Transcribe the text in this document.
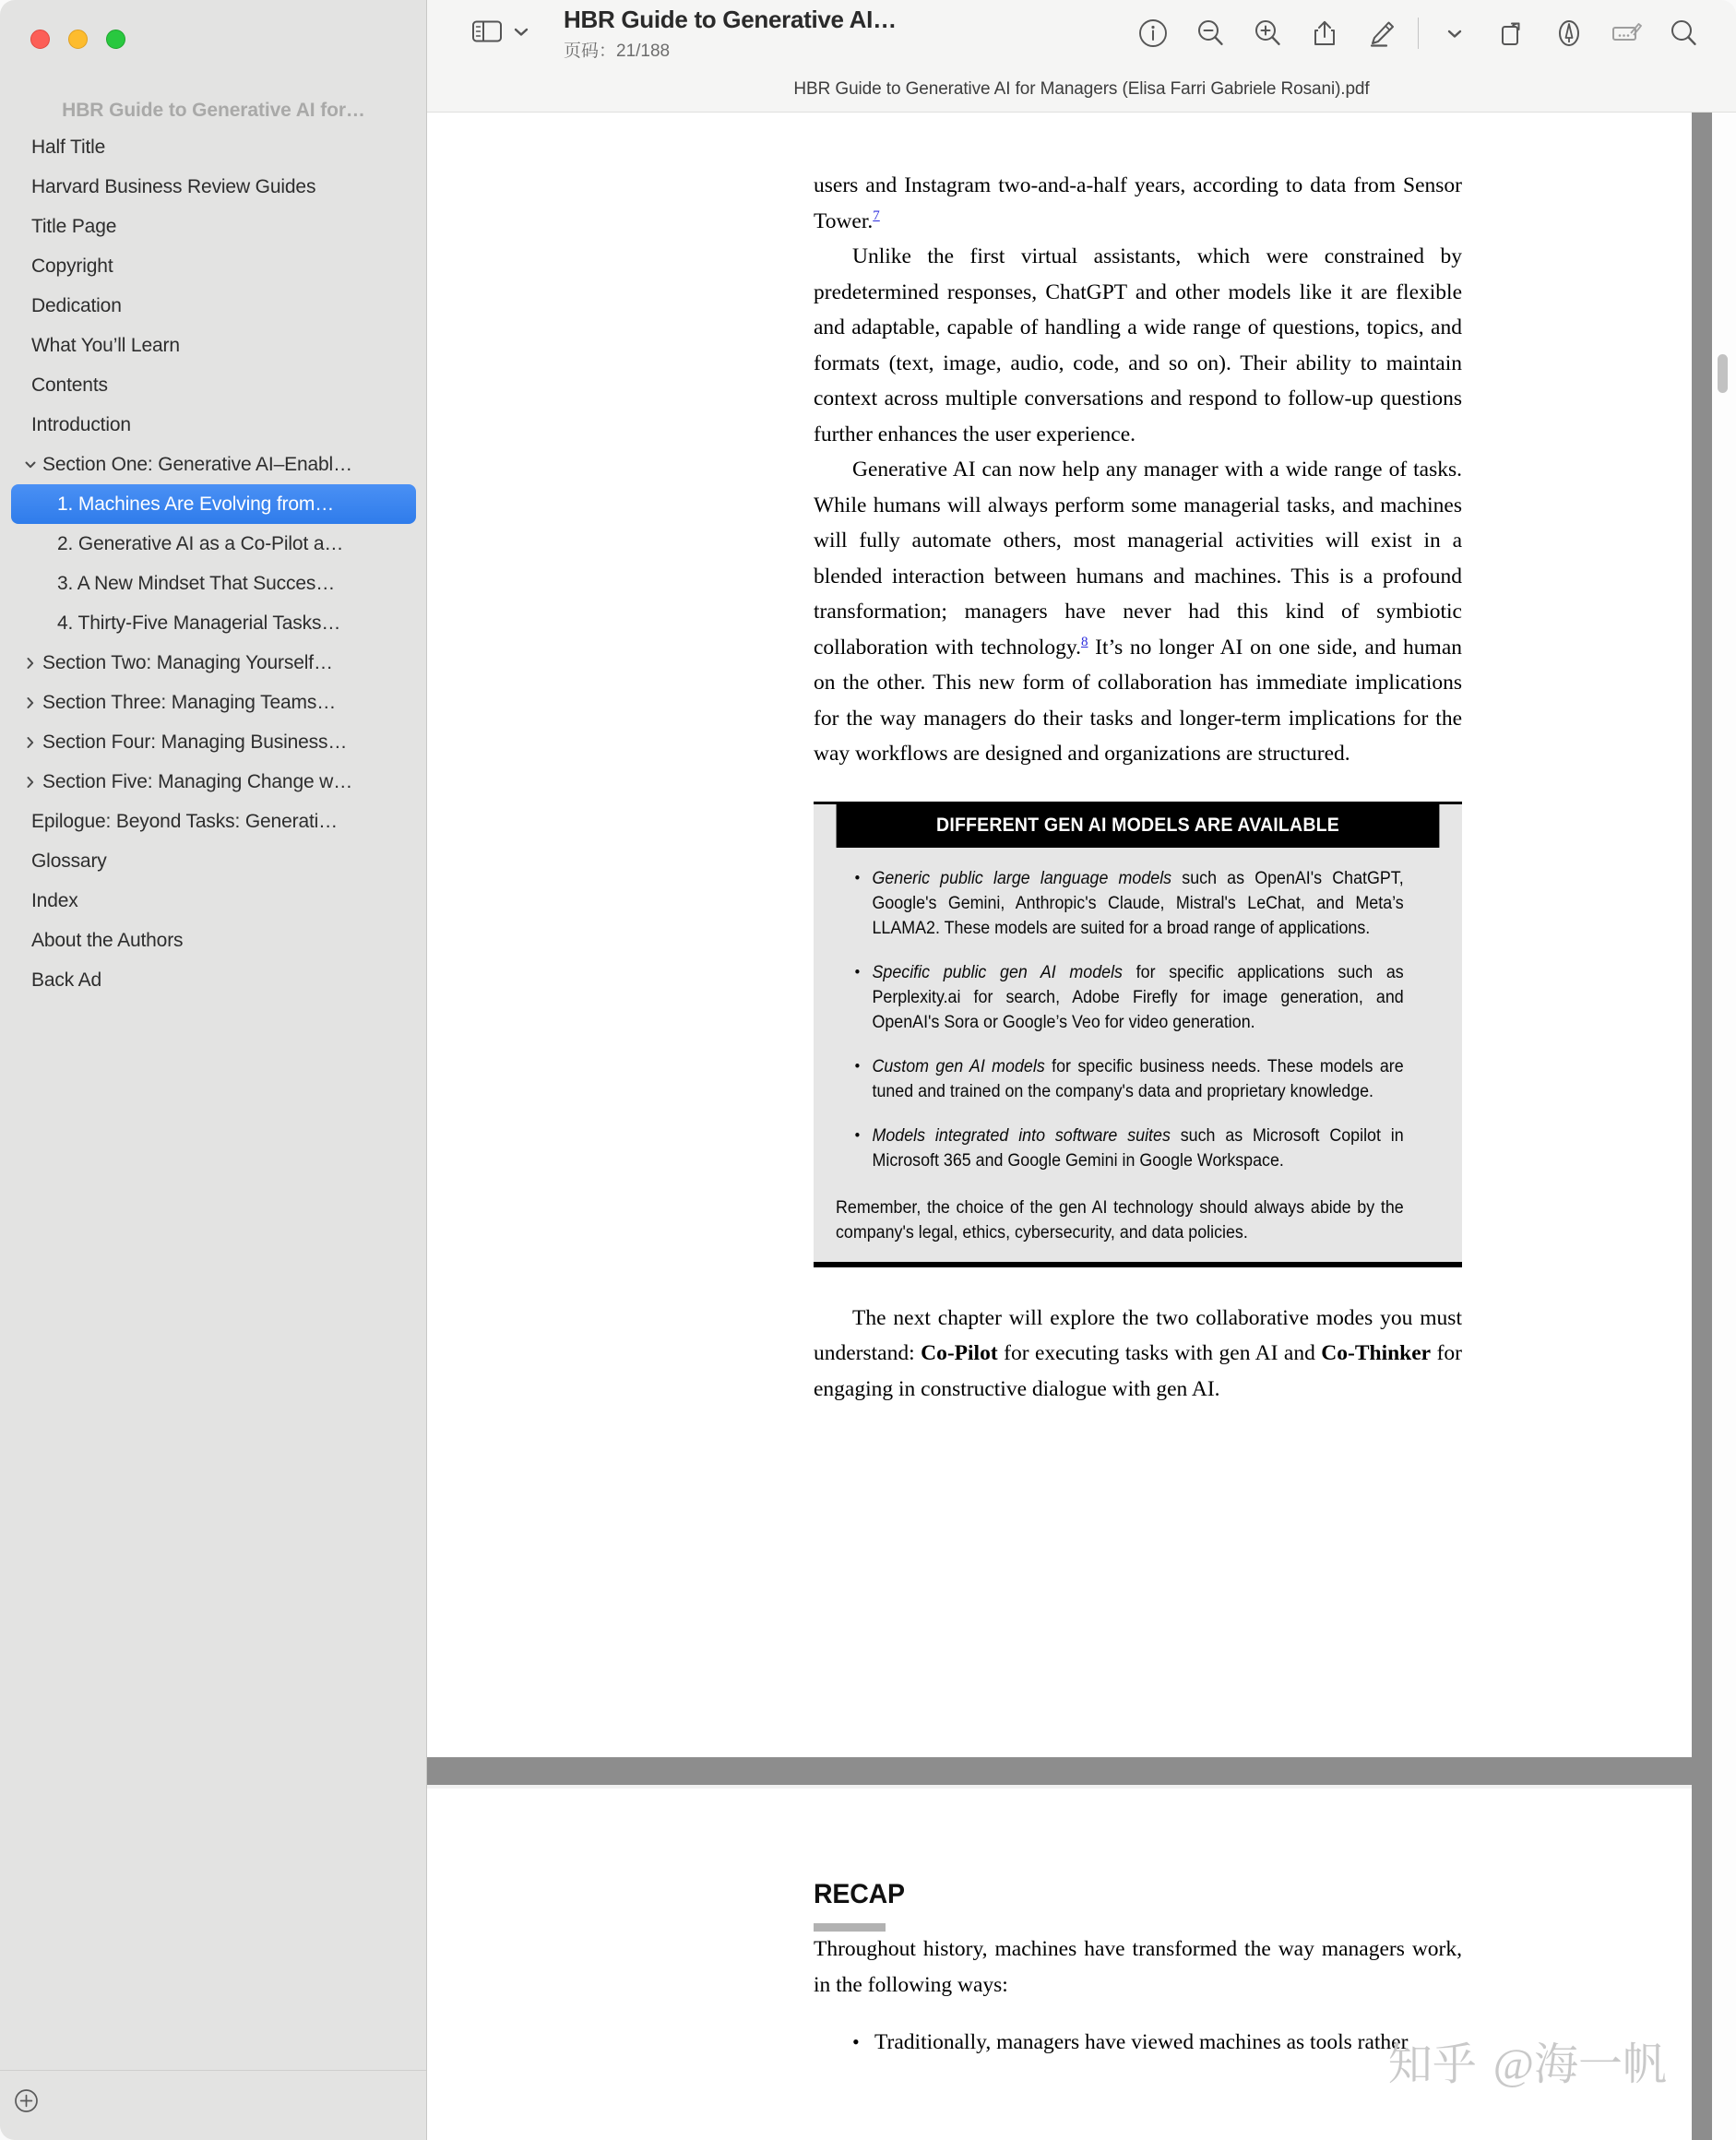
HBR Guide to Generative AI for…
Half Title
Harvard Business Review Guides
Title Page
Copyright
Dedication
What You’ll Learn
Contents
Introduction
Section One: Generative AI–Enabl…
1. Machines Are Evolving from…
2. Generative AI as a Co-Pilot a…
3. A New Mindset That Succes…
4. Thirty-Five Managerial Tasks…
Section Two: Managing Yourself…
Section Three: Managing Teams…
Section Four: Managing Business…
Section Five: Managing Change w…
Epilogue: Beyond Tasks: Generati…
Glossary
Index
About the Authors
Back Ad
HBR Guide to Generative AI…
页码：21/188
HBR Guide to Generative AI for Managers (Elisa Farri Gabriele Rosani).pdf

users and Instagram two-and-a-half years, according to data from Sensor Tower.$^7$

Unlike the first virtual assistants, which were constrained by predetermined responses, ChatGPT and other models like it are flexible and adaptable, capable of handling a wide range of questions, topics, and formats (text, image, audio, code, and so on). Their ability to maintain context across multiple conversations and respond to follow-up questions further enhances the user experience.

Generative AI can now help any manager with a wide range of tasks. While humans will always perform some managerial tasks, and machines will fully automate others, most managerial activities will exist in a blended interaction between humans and machines. This is a profound transformation; managers have never had this kind of symbiotic collaboration with technology.$^8$ It’s no longer AI on one side, and human on the other. This new form of collaboration has immediate implications for the way managers do their tasks and longer-term implications for the way workflows are designed and organizations are structured.

DIFFERENT GEN AI MODELS ARE AVAILABLE
• Generic public large language models such as OpenAI's ChatGPT, Google's Gemini, Anthropic's Claude, Mistral's LeChat, and Meta’s LLAMA2. These models are suited for a broad range of applications.
• Specific public gen AI models for specific applications such as Perplexity.ai for search, Adobe Firefly for image generation, and OpenAI's Sora or Google’s Veo for video generation.
• Custom gen AI models for specific business needs. These models are tuned and trained on the company's data and proprietary knowledge.
• Models integrated into software suites such as Microsoft Copilot in Microsoft 365 and Google Gemini in Google Workspace.
Remember, the choice of the gen AI technology should always abide by the company's legal, ethics, cybersecurity, and data policies.

The next chapter will explore the two collaborative modes you must understand: Co-Pilot for executing tasks with gen AI and Co-Thinker for engaging in constructive dialogue with gen AI.

RECAP

Throughout history, machines have transformed the way managers work, in the following ways:

• Traditionally, managers have viewed machines as tools rather
知乎 @海一帆
